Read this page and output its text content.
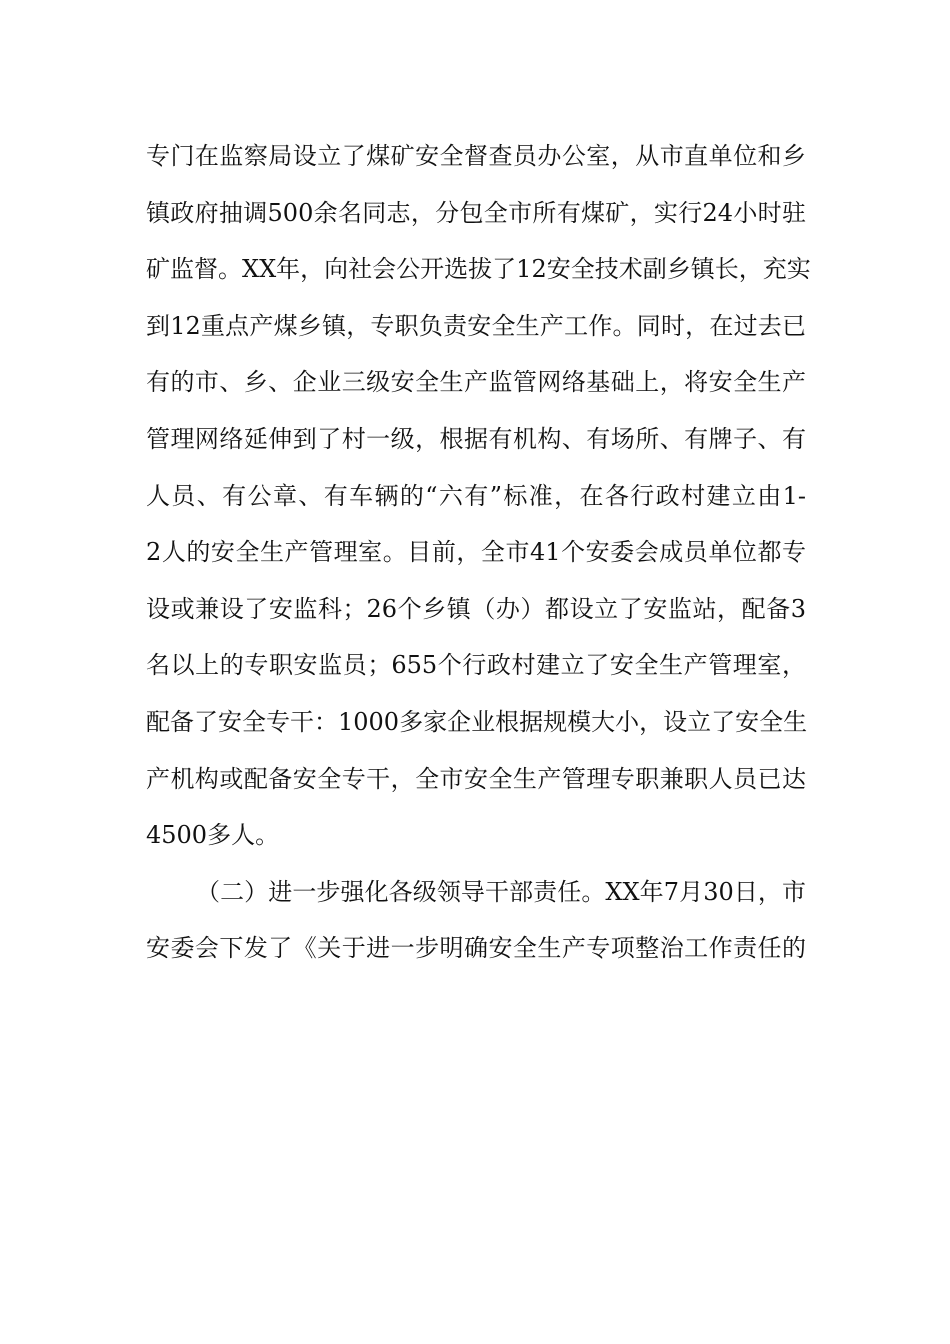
专门在监察局设立了煤矿安全督查员办公室，从市直单位和乡
镇政府抽调500余名同志，分包全市所有煤矿，实行24小时驻
矿监督。XX年，向社会公开选拔了12安全技术副乡镇长，充实
到12重点产煤乡镇，专职负责安全生产工作。同时，在过去已
有的市、乡、企业三级安全生产监管网络基础上，将安全生产
管理网络延伸到了村一级，根据有机构、有场所、有牌子、有
人员、有公章、有车辆的“六有”标准，在各行政村建立由1-
2人的安全生产管理室。目前，全市41个安委会成员单位都专
设或兼设了安监科；26个乡镇（办）都设立了安监站，配备3
名以上的专职安监员；655个行政村建立了安全生产管理室，
配备了安全专干：1000多家企业根据规模大小，设立了安全生
产机构或配备安全专干，全市安全生产管理专职兼职人员已达
4500多人。
（二）进一步强化各级领导干部责任。XX年7月30日，市
安委会下发了《关于进一步明确安全生产专项整治工作责任的
